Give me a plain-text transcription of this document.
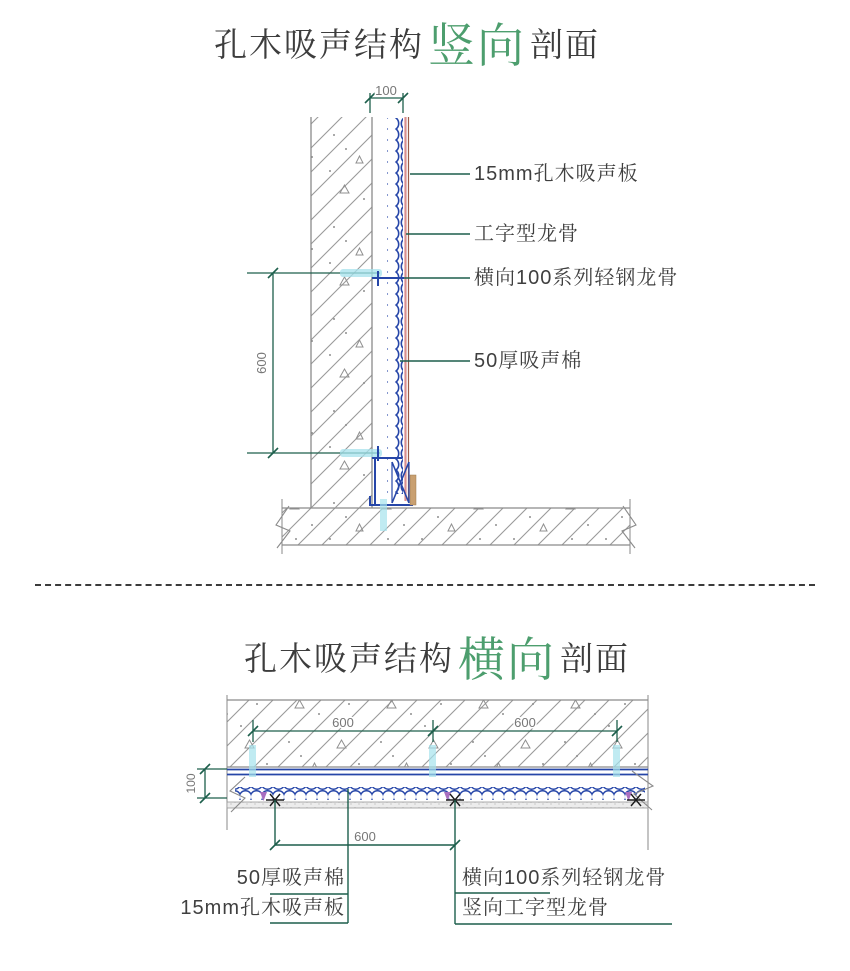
孔木吸声结构 竖向 剖面
100
600
15mm孔木吸声板
工字型龙骨
横向100系列轻钢龙骨
50厚吸声棉
孔木吸声结构 横向 剖面
600	600
100
600
50厚吸声棉
15mm孔木吸声板
横向100系列轻钢龙骨
竖向工字型龙骨
